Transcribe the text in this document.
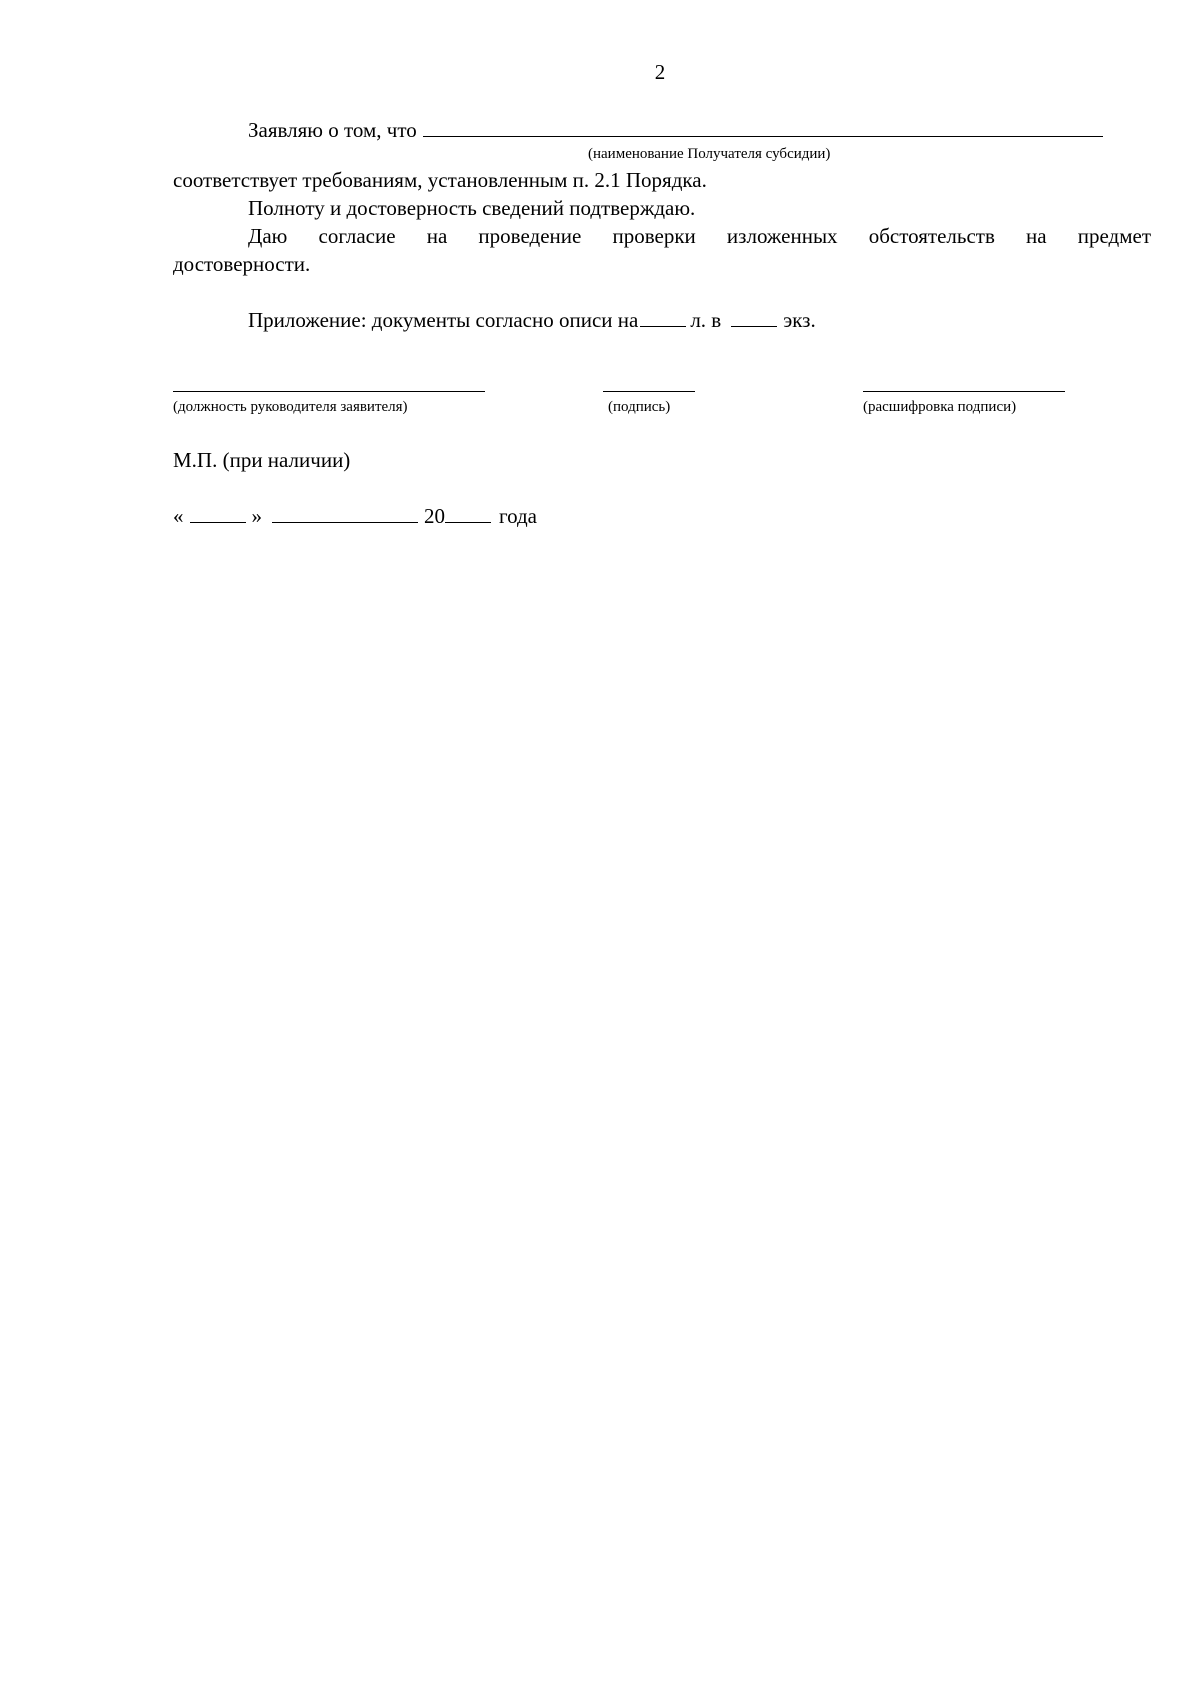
2
Заявляю о том, что
(наименование Получателя субсидии)
соответствует требованиям, установленным п. 2.1 Порядка.
Полноту и достоверность сведений подтверждаю.
Даю согласие на проведение проверки изложенных обстоятельств на предмет
достоверности.
Приложение: документы согласно описи на л. в	экз.
(должность руководителя заявителя)	(подпись)	(расшифровка подписи)
М.П. (при наличии)
«	»	20	года
